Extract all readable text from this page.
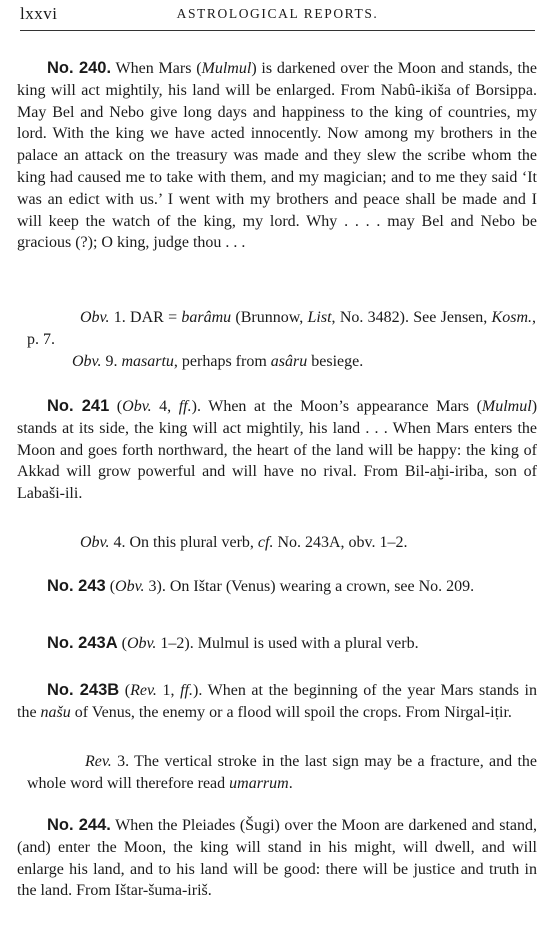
lxxvi	ASTROLOGICAL REPORTS.

No. 240. When Mars (Mulmul) is darkened over the Moon and stands, the king will act mightily, his land will be enlarged. From Nabû-ikiša of Borsippa. May Bel and Nebo give long days and happiness to the king of countries, my lord. With the king we have acted innocently. Now among my brothers in the palace an attack on the treasury was made and they slew the scribe whom the king had caused me to take with them, and my magician; and to me they said ‘It was an edict with us.’ I went with my brothers and peace shall be made and I will keep the watch of the king, my lord. Why . . . . may Bel and Nebo be gracious (?); O king, judge thou . . .

Obv. 1. DAR = barâmu (Brunnow, List, No. 3482). See Jensen, Kosm., p. 7.

Obv. 9. masartu, perhaps from asâru besiege.

No. 241 (Obv. 4, ff.). When at the Moon’s appearance Mars (Mulmul) stands at its side, the king will act mightily, his land . . . When Mars enters the Moon and goes forth northward, the heart of the land will be happy: the king of Akkad will grow powerful and will have no rival. From Bil-aḫi-iriba, son of Labaši-ili.

Obv. 4. On this plural verb, cf. No. 243A, obv. 1–2.

No. 243 (Obv. 3). On Ištar (Venus) wearing a crown, see No. 209.

No. 243A (Obv. 1–2). Mulmul is used with a plural verb.

No. 243B (Rev. 1, ff.). When at the beginning of the year Mars stands in the našu of Venus, the enemy or a flood will spoil the crops. From Nirgal-iṭir.

Rev. 3. The vertical stroke in the last sign may be a fracture, and the whole word will therefore read umarrum.

No. 244. When the Pleiades (Šugi) over the Moon are darkened and stand, (and) enter the Moon, the king will stand in his might, will dwell, and will enlarge his land, and to his land will be good: there will be justice and truth in the land. From Ištar-šuma-iriš.
